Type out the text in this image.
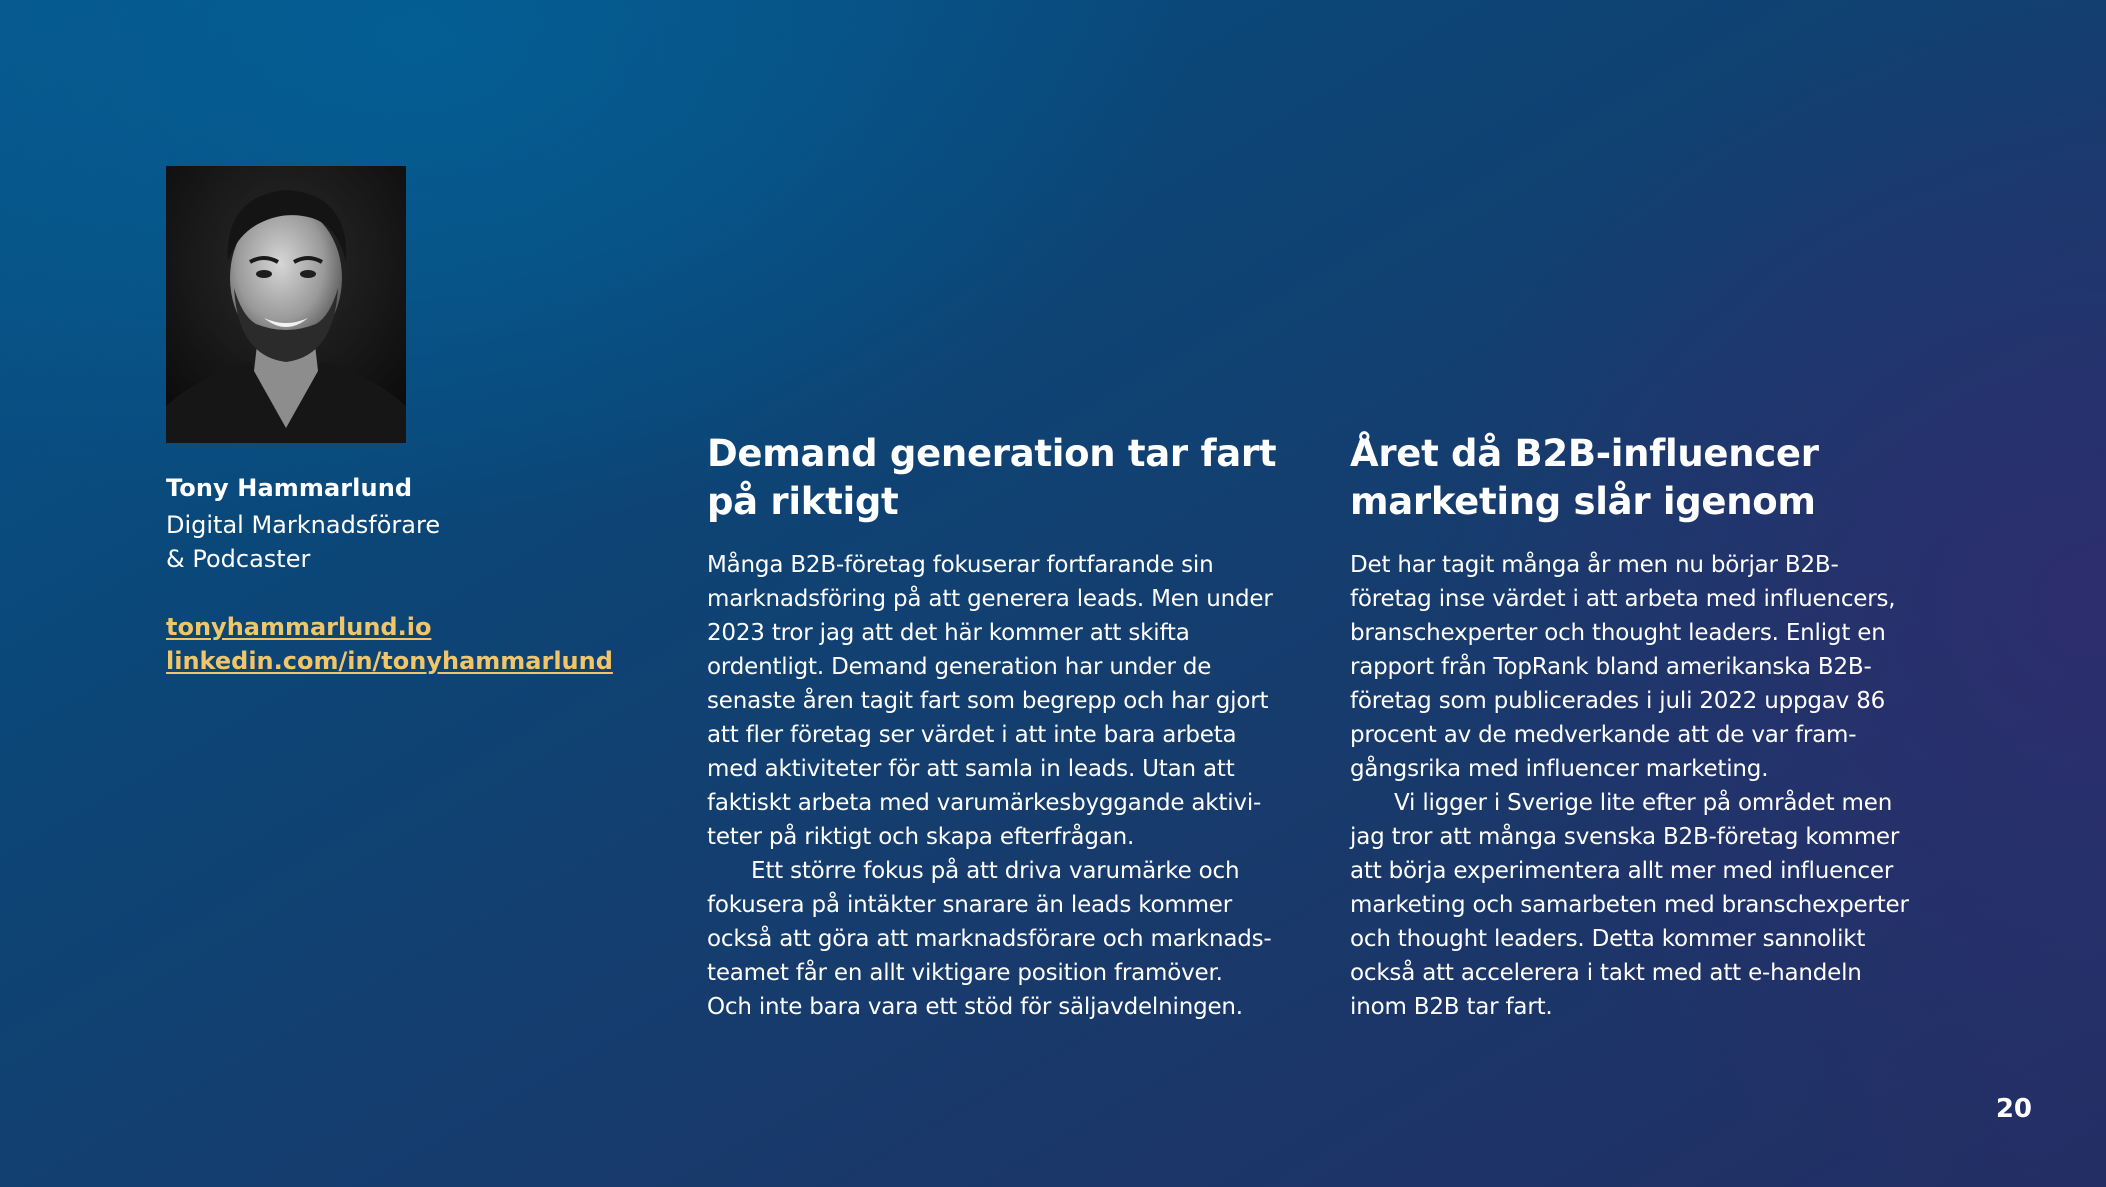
Tony Hammarlund
Digital Marknadsförare
& Podcaster
tonyhammarlund.io
linkedin.com/in/tonyhammarlund
Demand generation tar fart
på riktigt
Många B2B-företag fokuserar fortfarande sin
marknadsföring på att generera leads. Men under
2023 tror jag att det här kommer att skifta
ordentligt. Demand generation har under de
senaste åren tagit fart som begrepp och har gjort
att fler företag ser värdet i att inte bara arbeta
med aktiviteter för att samla in leads. Utan att
faktiskt arbeta med varumärkesbyggande aktivi-
teter på riktigt och skapa efterfrågan.
Ett större fokus på att driva varumärke och
fokusera på intäkter snarare än leads kommer
också att göra att marknadsförare och marknads-
teamet får en allt viktigare position framöver.
Och inte bara vara ett stöd för säljavdelningen.
Året då B2B-influencer
marketing slår igenom
Det har tagit många år men nu börjar B2B-
företag inse värdet i att arbeta med influencers,
branschexperter och thought leaders. Enligt en
rapport från TopRank bland amerikanska B2B-
företag som publicerades i juli 2022 uppgav 86
procent av de medverkande att de var fram-
gångsrika med influencer marketing.
Vi ligger i Sverige lite efter på området men
jag tror att många svenska B2B-företag kommer
att börja experimentera allt mer med influencer
marketing och samarbeten med branschexperter
och thought leaders. Detta kommer sannolikt
också att accelerera i takt med att e-handeln
inom B2B tar fart.
20
